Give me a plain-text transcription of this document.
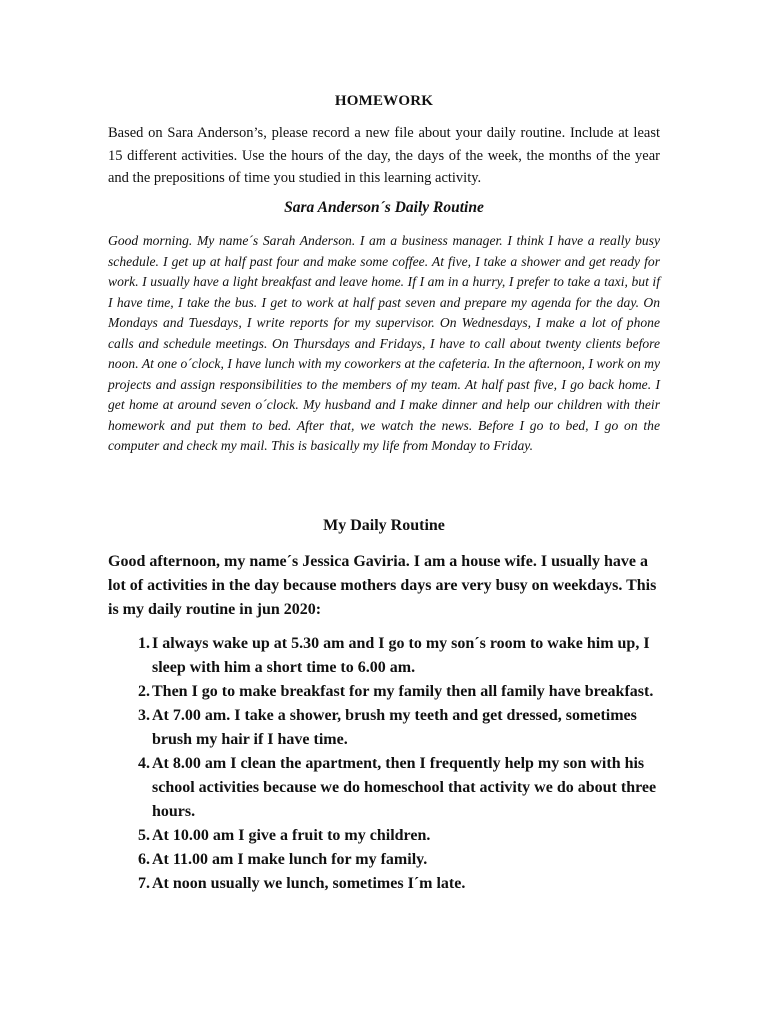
HOMEWORK
Based on Sara Anderson’s, please record a new file about your daily routine. Include at least 15 different activities. Use the hours of the day, the days of the week, the months of the year and the prepositions of time you studied in this learning activity.
Sara Anderson´s Daily Routine
Good morning. My name´s Sarah Anderson. I am a business manager. I think I have a really busy schedule. I get up at half past four and make some coffee. At five, I take a shower and get ready for work. I usually have a light breakfast and leave home. If I am in a hurry, I prefer to take a taxi, but if I have time, I take the bus. I get to work at half past seven and prepare my agenda for the day. On Mondays and Tuesdays, I write reports for my supervisor. On Wednesdays, I make a lot of phone calls and schedule meetings. On Thursdays and Fridays, I have to call about twenty clients before noon. At one o´clock, I have lunch with my coworkers at the cafeteria. In the afternoon, I work on my projects and assign responsibilities to the members of my team. At half past five, I go back home. I get home at around seven o´clock. My husband and I make dinner and help our children with their homework and put them to bed. After that, we watch the news. Before I go to bed, I go on the computer and check my mail. This is basically my life from Monday to Friday.
My Daily Routine
Good afternoon, my name´s Jessica Gaviria. I am a house wife. I usually have a lot of activities in the day because mothers days are very busy on weekdays. This is my daily routine in jun 2020:
1. I always wake up at 5.30 am and I go to my son´s room to wake him up, I sleep with him a short time to 6.00 am.
2. Then I go to make breakfast for my family then all family have breakfast.
3. At 7.00 am. I take a shower, brush my teeth and get dressed, sometimes brush my hair if I have time.
4. At 8.00 am I clean the apartment, then I frequently help my son with his school activities because we do homeschool that activity we do about three hours.
5. At 10.00 am I give a fruit to my children.
6. At 11.00 am I make lunch for my family.
7. At noon usually we lunch, sometimes I´m late.
